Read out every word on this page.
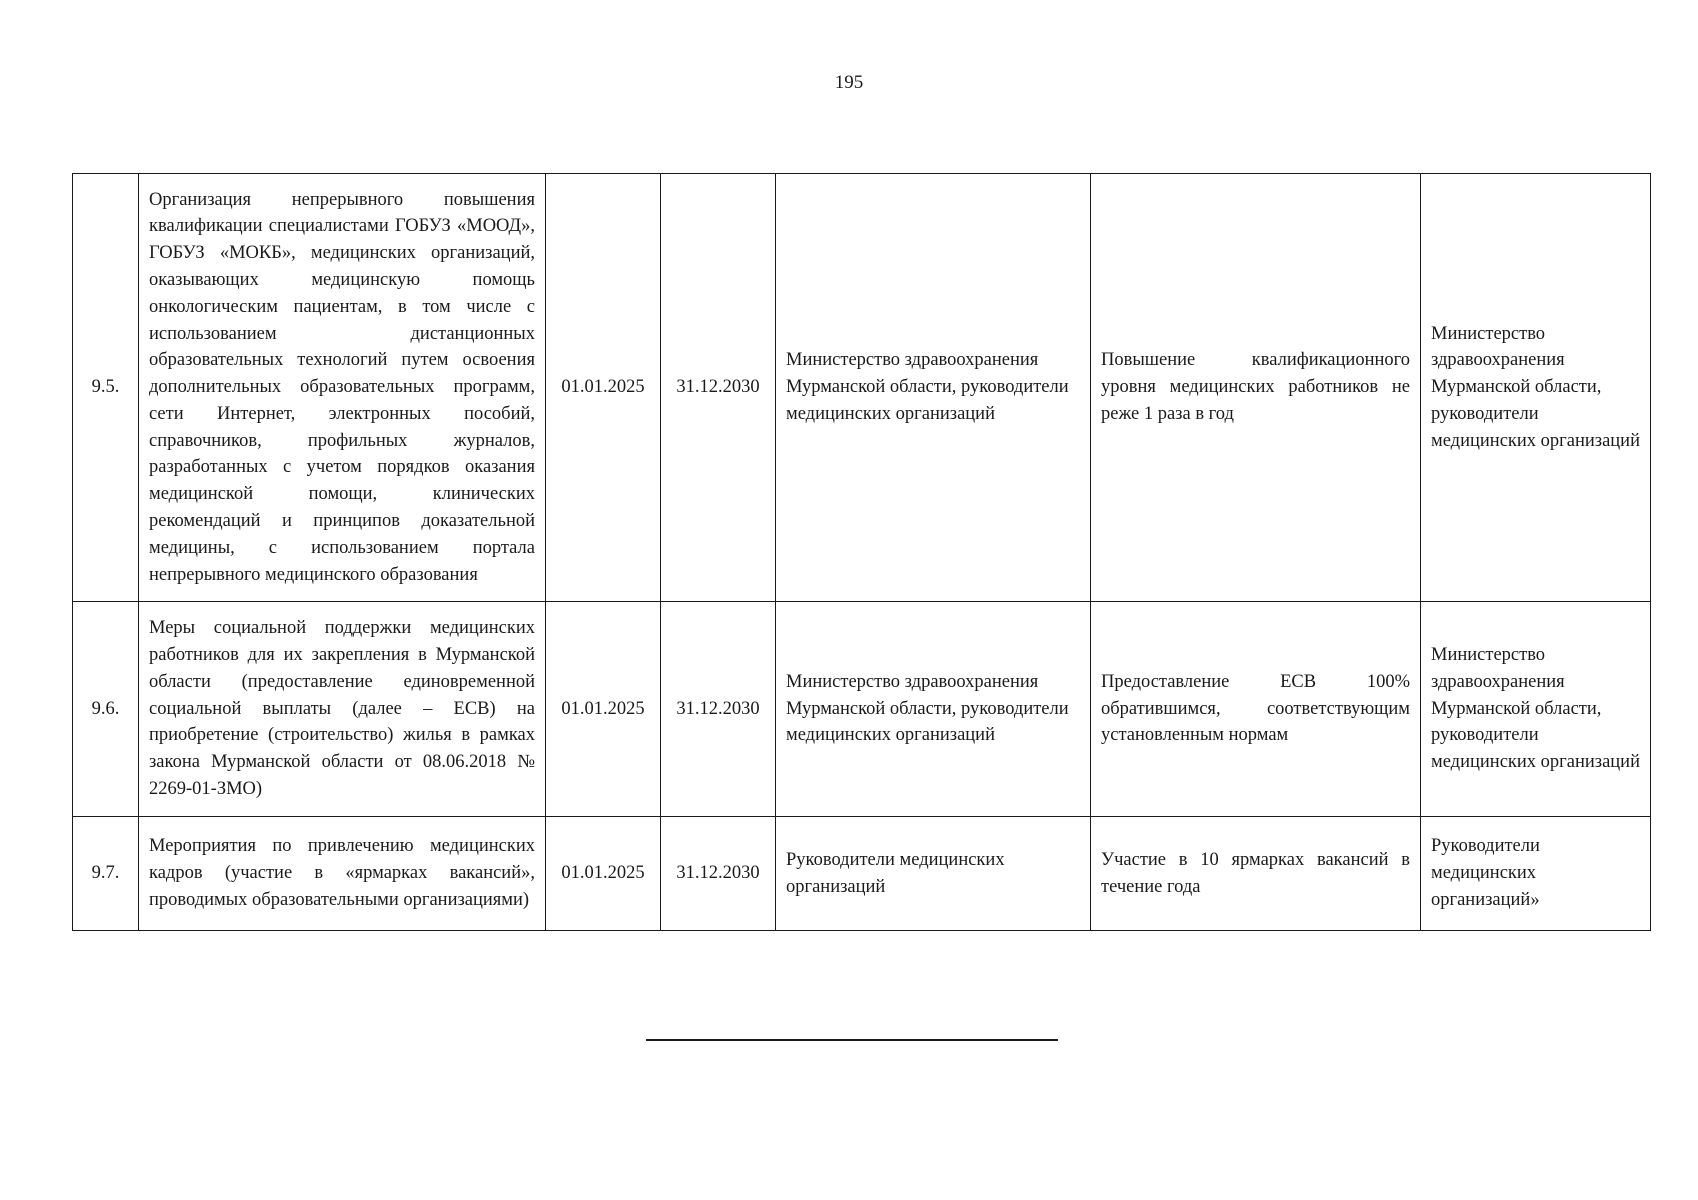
195
9.5.	Организация непрерывного повышения квалификации специалистами ГОБУЗ «МООД», ГОБУЗ «МОКБ», медицинских организаций, оказывающих медицинскую помощь онкологическим пациентам, в том числе с использованием дистанционных образовательных технологий путем освоения дополнительных образовательных программ, сети Интернет, электронных пособий, справочников, профильных журналов, разработанных с учетом порядков оказания медицинской помощи, клинических рекомендаций и принципов доказательной медицины, с использованием портала непрерывного медицинского образования	01.01.2025	31.12.2030	Министерство здравоохранения Мурманской области, руководители медицинских организаций	Повышение квалификационного уровня медицинских работников не реже 1 раза в год	Министерство здравоохранения Мурманской области, руководители медицинских организаций
9.6.	Меры социальной поддержки медицинских работников для их закрепления в Мурманской области (предоставление единовременной социальной выплаты (далее – ЕСВ) на приобретение (строительство) жилья в рамках закона Мурманской области от 08.06.2018 № 2269-01-ЗМО)	01.01.2025	31.12.2030	Министерство здравоохранения Мурманской области, руководители медицинских организаций	Предоставление ЕСВ 100% обратившимся, соответствующим установленным нормам	Министерство здравоохранения Мурманской области, руководители медицинских организаций
9.7.	Мероприятия по привлечению медицинских кадров (участие в «ярмарках вакансий», проводимых образовательными организациями)	01.01.2025	31.12.2030	Руководители медицинских организаций	Участие в 10 ярмарках вакансий в течение года	Руководители медицинских организаций»
